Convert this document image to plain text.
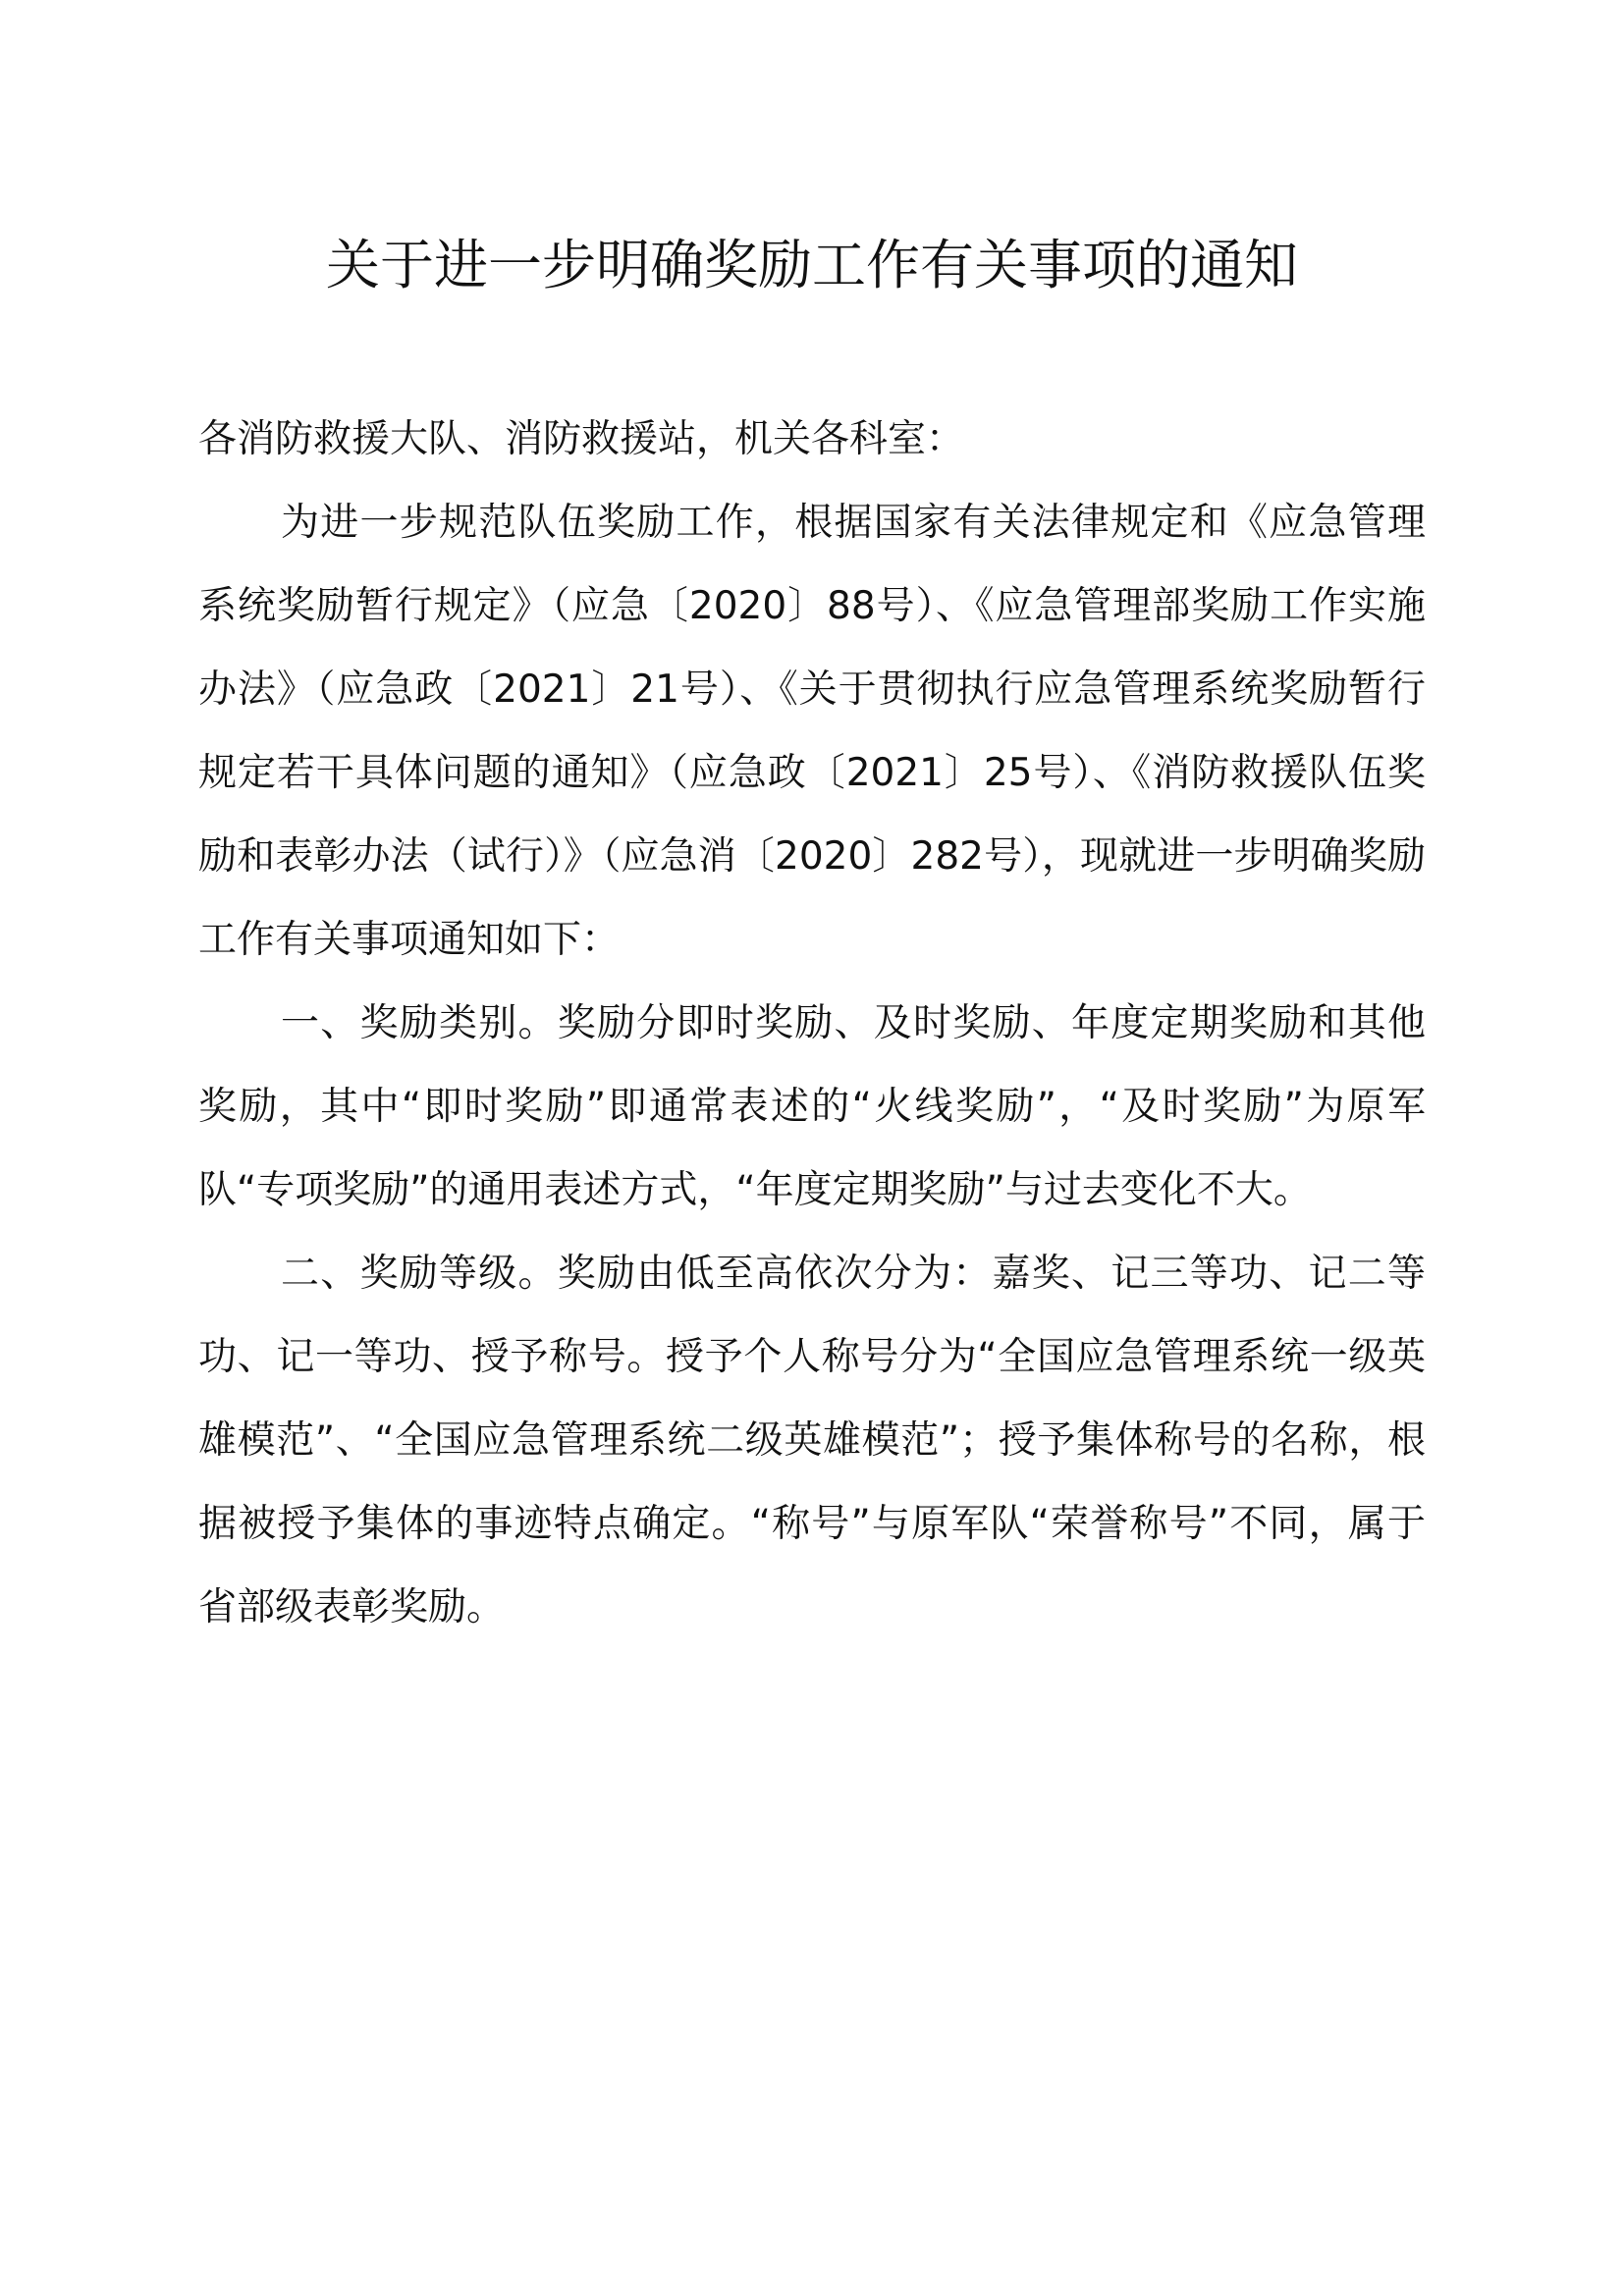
关于进一步明确奖励工作有关事项的通知

各消防救援大队、消防救援站，机关各科室：

为进一步规范队伍奖励工作，根据国家有关法律规定和《应急管理系统奖励暂行规定》（应急〔2020〕88号）、《应急管理部奖励工作实施办法》（应急政〔2021〕21号）、《关于贯彻执行应急管理系统奖励暂行规定若干具体问题的通知》（应急政〔2021〕25号）、《消防救援队伍奖励和表彰办法（试行）》（应急消〔2020〕282号），现就进一步明确奖励工作有关事项通知如下：

一、奖励类别。奖励分即时奖励、及时奖励、年度定期奖励和其他奖励，其中“即时奖励”即通常表述的“火线奖励”，“及时奖励”为原军队“专项奖励”的通用表述方式，“年度定期奖励”与过去变化不大。

二、奖励等级。奖励由低至高依次分为：嘉奖、记三等功、记二等功、记一等功、授予称号。授予个人称号分为“全国应急管理系统一级英雄模范”、“全国应急管理系统二级英雄模范”；授予集体称号的名称，根据被授予集体的事迹特点确定。“称号”与原军队“荣誉称号”不同，属于省部级表彰奖励。
